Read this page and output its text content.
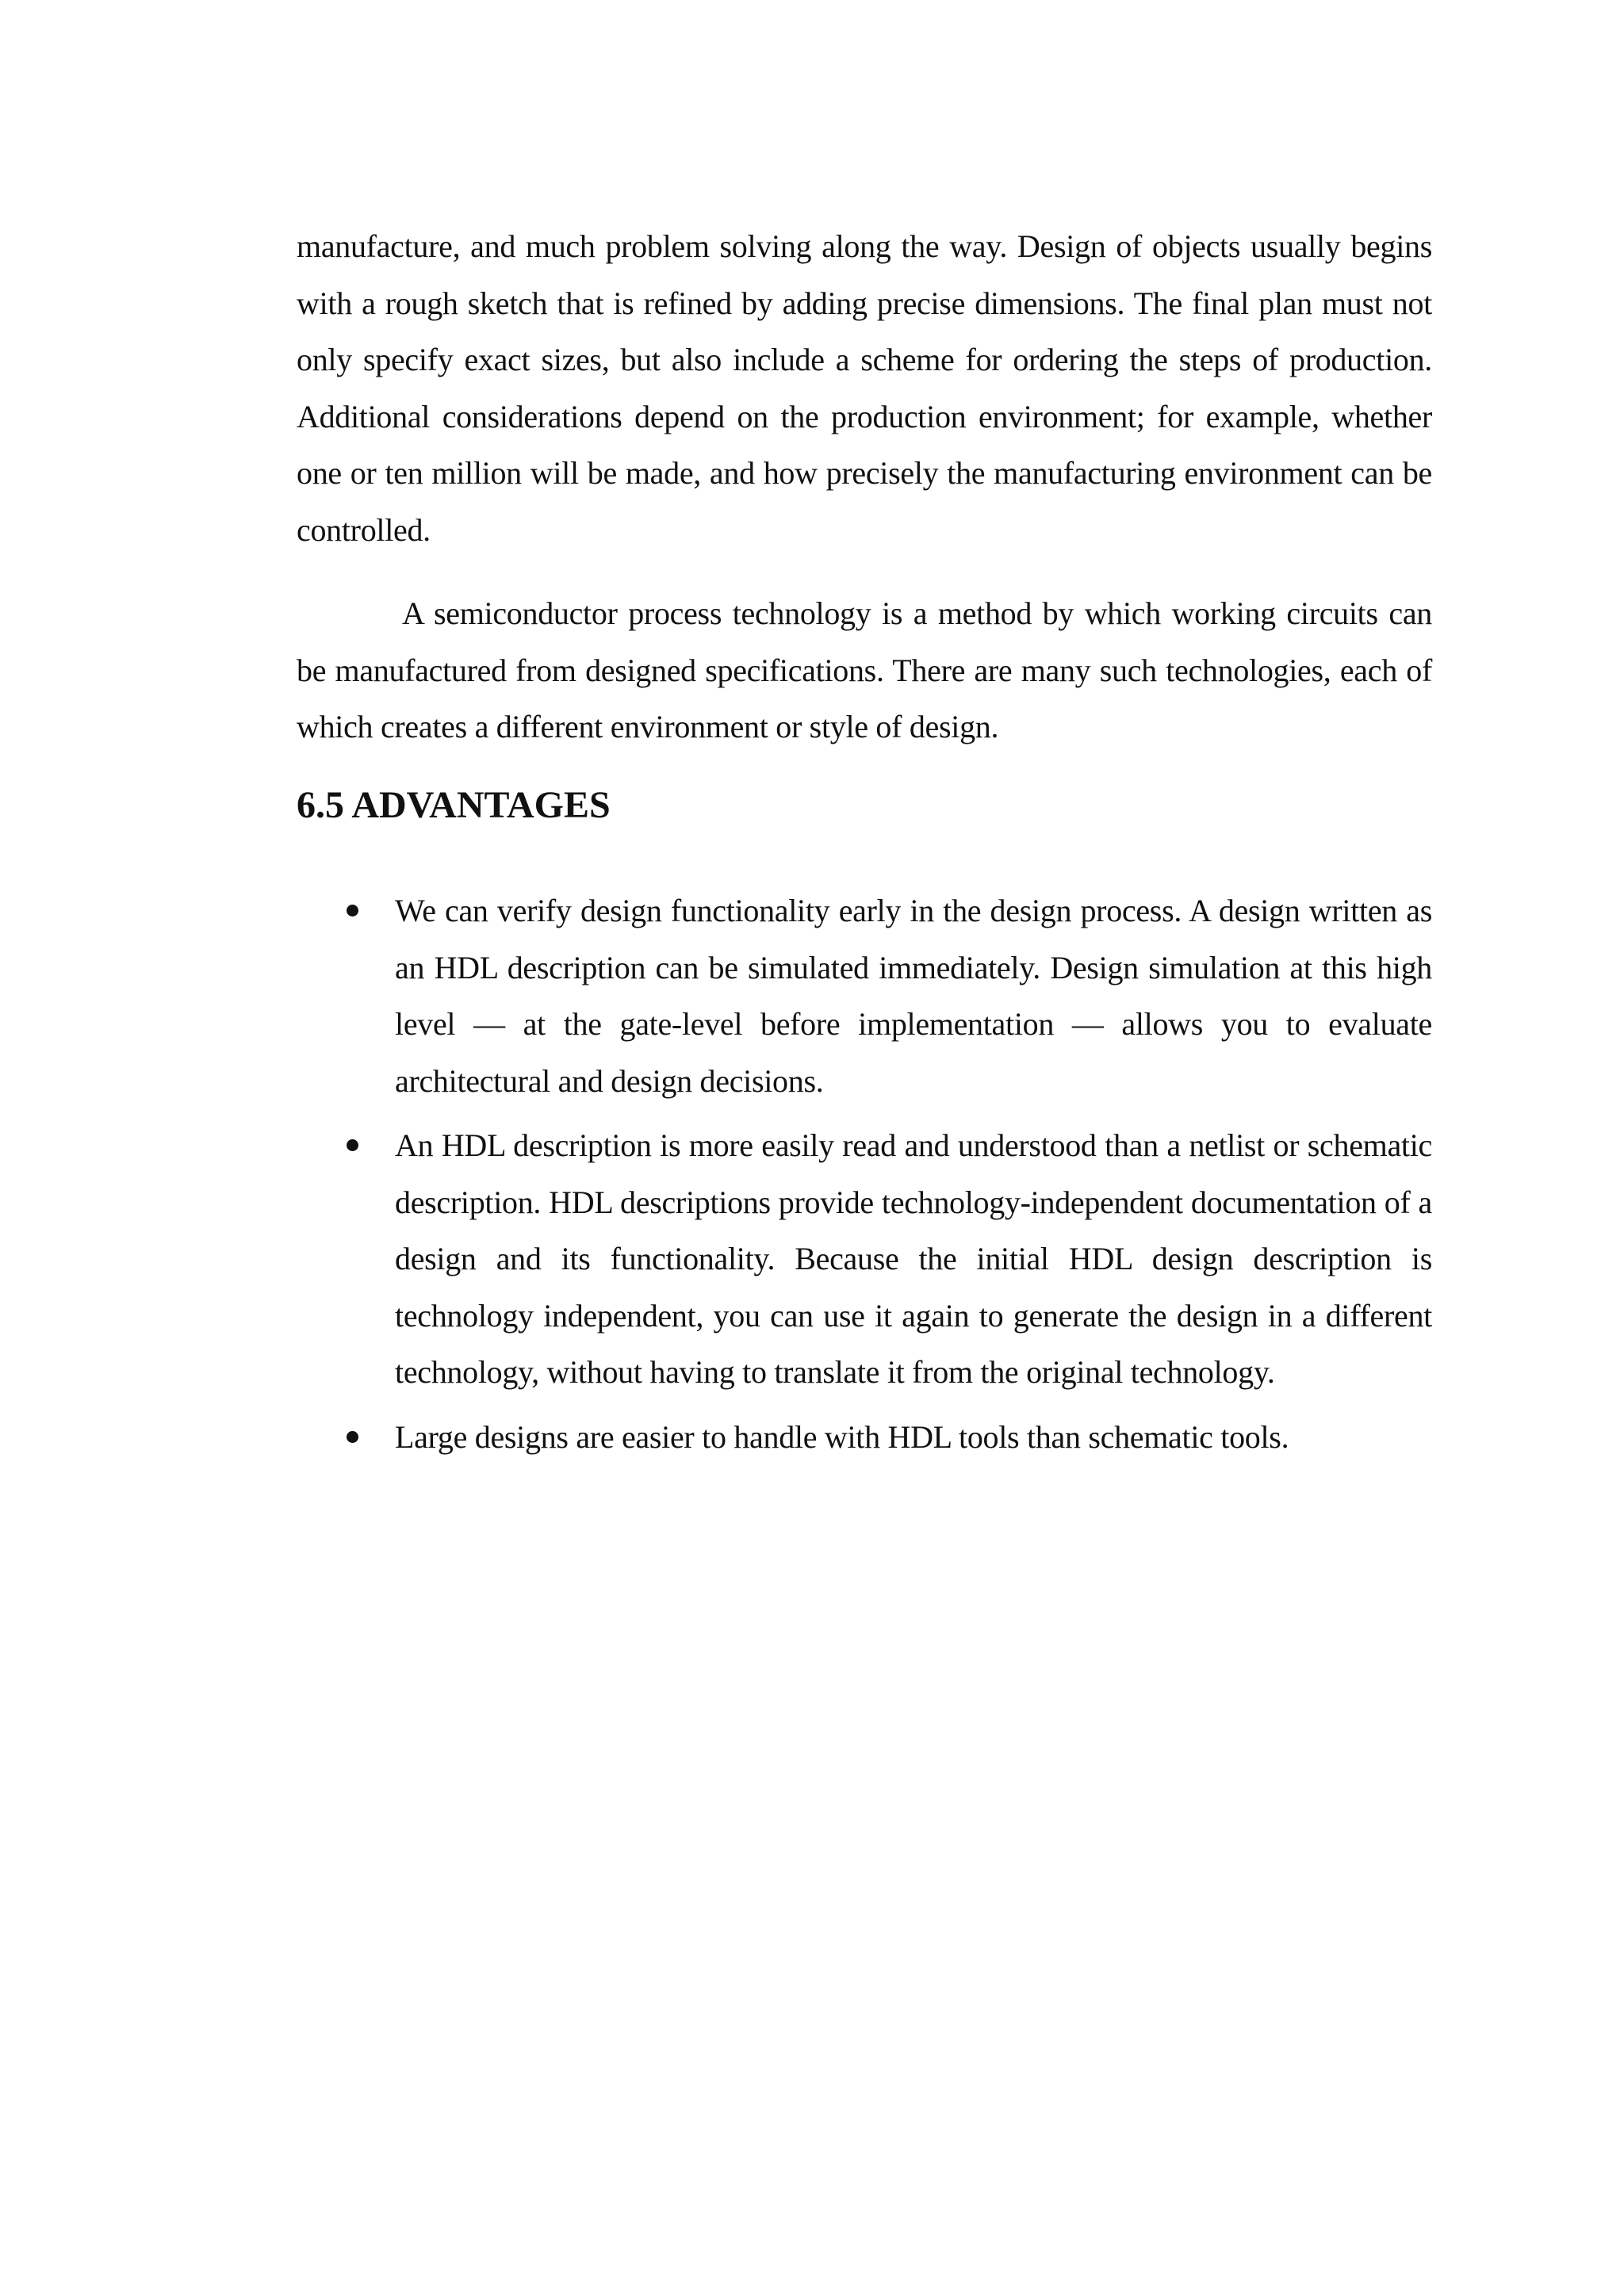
manufacture, and much problem solving along the way. Design of objects usually begins with a rough sketch that is refined by adding precise dimensions. The final plan must not only specify exact sizes, but also include a scheme for ordering the steps of production. Additional considerations depend on the production environment; for example, whether one or ten million will be made, and how precisely the manufacturing environment can be controlled.

A semiconductor process technology is a method by which working circuits can be manufactured from designed specifications. There are many such technologies, each of which creates a different environment or style of design.

6.5 ADVANTAGES
We can verify design functionality early in the design process. A design written as an HDL description can be simulated immediately. Design simulation at this high level — at the gate-level before implementation — allows you to evaluate architectural and design decisions.
An HDL description is more easily read and understood than a netlist or schematic description. HDL descriptions provide technology-independent documentation of a design and its functionality. Because the initial HDL design description is technology independent, you can use it again to generate the design in a different technology, without having to translate it from the original technology.
Large designs are easier to handle with HDL tools than schematic tools.
